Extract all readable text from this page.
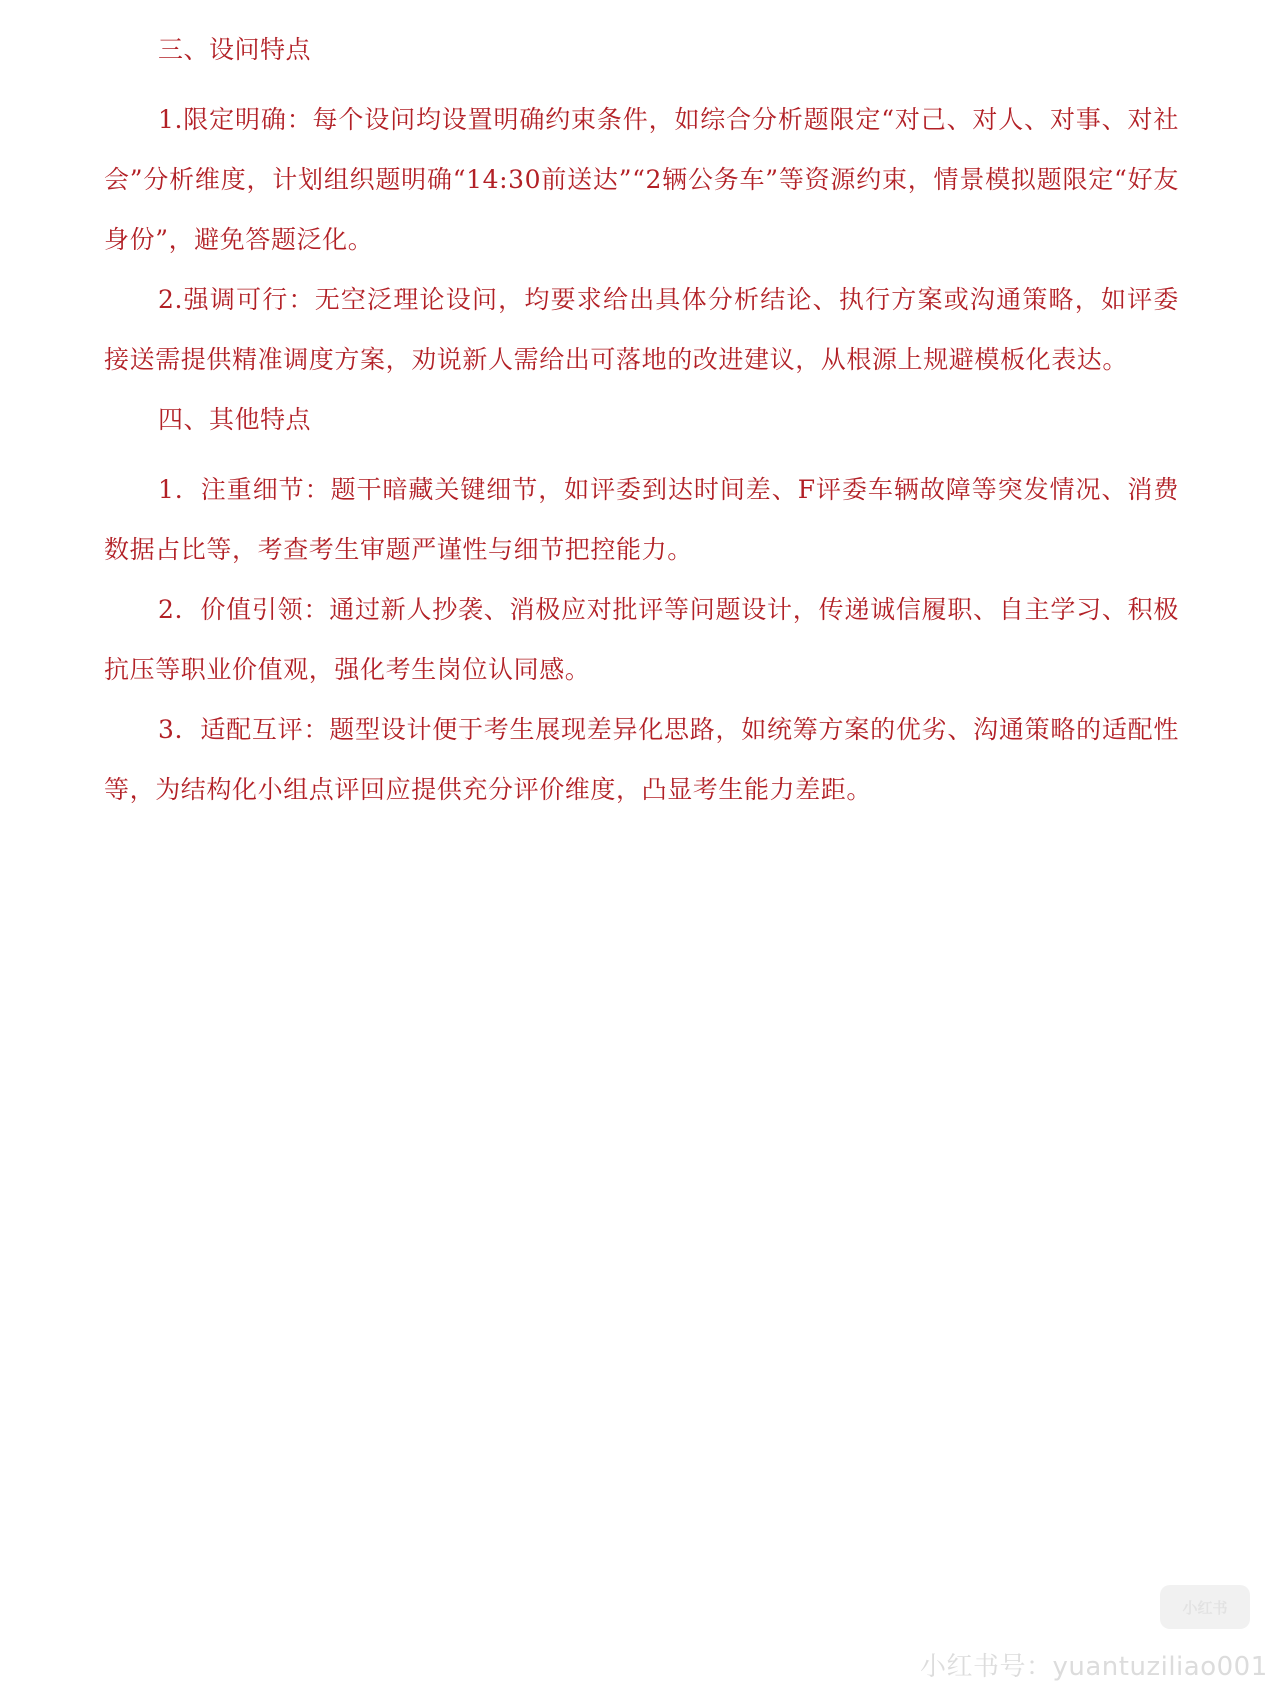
三、设问特点

1.限定明确：每个设问均设置明确约束条件，如综合分析题限定“对己、对人、对事、对社会”分析维度，计划组织题明确“14:30前送达”“2辆公务车”等资源约束，情景模拟题限定“好友身份”，避免答题泛化。

2.强调可行：无空泛理论设问，均要求给出具体分析结论、执行方案或沟通策略，如评委接送需提供精准调度方案，劝说新人需给出可落地的改进建议，从根源上规避模板化表达。

四、其他特点

1．注重细节：题干暗藏关键细节，如评委到达时间差、F评委车辆故障等突发情况、消费数据占比等，考查考生审题严谨性与细节把控能力。

2．价值引领：通过新人抄袭、消极应对批评等问题设计，传递诚信履职、自主学习、积极抗压等职业价值观，强化考生岗位认同感。

3．适配互评：题型设计便于考生展现差异化思路，如统筹方案的优劣、沟通策略的适配性等，为结构化小组点评回应提供充分评价维度，凸显考生能力差距。

小红书
小红书号：yuantuziliao001
